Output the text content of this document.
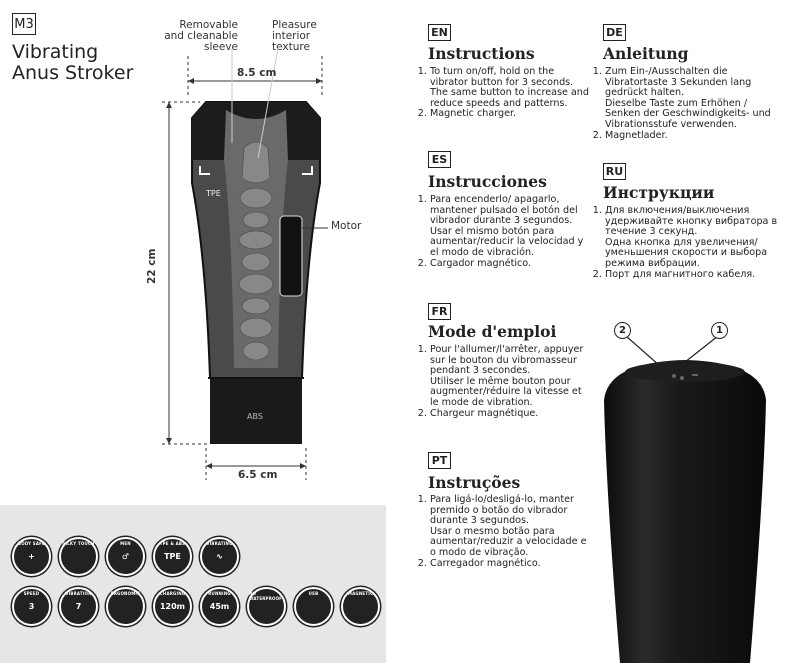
M3
Vibrating
Anus Stroker
Removable
and cleanable
sleeve
Pleasure
interior
texture
Motor
TPE
ABS
8.5 cm
22 cm
6.5 cm
BODY SAFE
+
SILKY TOUCH	MEN
♂
TPE & ABS
TPE
VIBRATING
∿
SPEED
3
VIBRATION
7
ERGONOMIC	CHARGING
120m
RUNNING
45m
NO WATERPROOF
USB	MAGNETIC
EN
Instructions
1. To turn on/off, hold on the vibrator button for 3 seconds.
The same button to increase and reduce speeds and patterns.
2. Magnetic charger.
ES
Instrucciones
1. Para encenderlo/ apagarlo, mantener pulsado el botón del vibrador durante 3 segundos.
Usar el mismo botón para aumentar/reducir la velocidad y el modo de vibración.
2. Cargador magnético.
FR
Mode d'emploi
1. Pour l'allumer/l'arrêter, appuyer sur le bouton du vibromasseur pendant 3 secondes.
Utiliser le même bouton pour augmenter/réduire la vitesse et le mode de vibration.
2. Chargeur magnétique.
PT
Instruções
1. Para ligá-lo/desligá-lo, manter premido o botão do vibrador durante 3 segundos.
Usar o mesmo botão para aumentar/reduzir a velocidade e o modo de vibração.
2. Carregador magnético.
DE
Anleitung
1. Zum Ein-/Ausschalten die Vibratortaste 3 Sekunden lang gedrückt halten.
Dieselbe Taste zum Erhöhen / Senken der Geschwindigkeits- und Vibrationsstufe verwenden.
2. Magnetlader.
RU
Инструкции
1. Для включения/выключения удерживайте кнопку вибратора в течение 3 секунд.
Одна кнопка для увеличения/уменьшения скорости и выбора режима вибрации.
2. Порт для магнитного кабеля.
2	1
